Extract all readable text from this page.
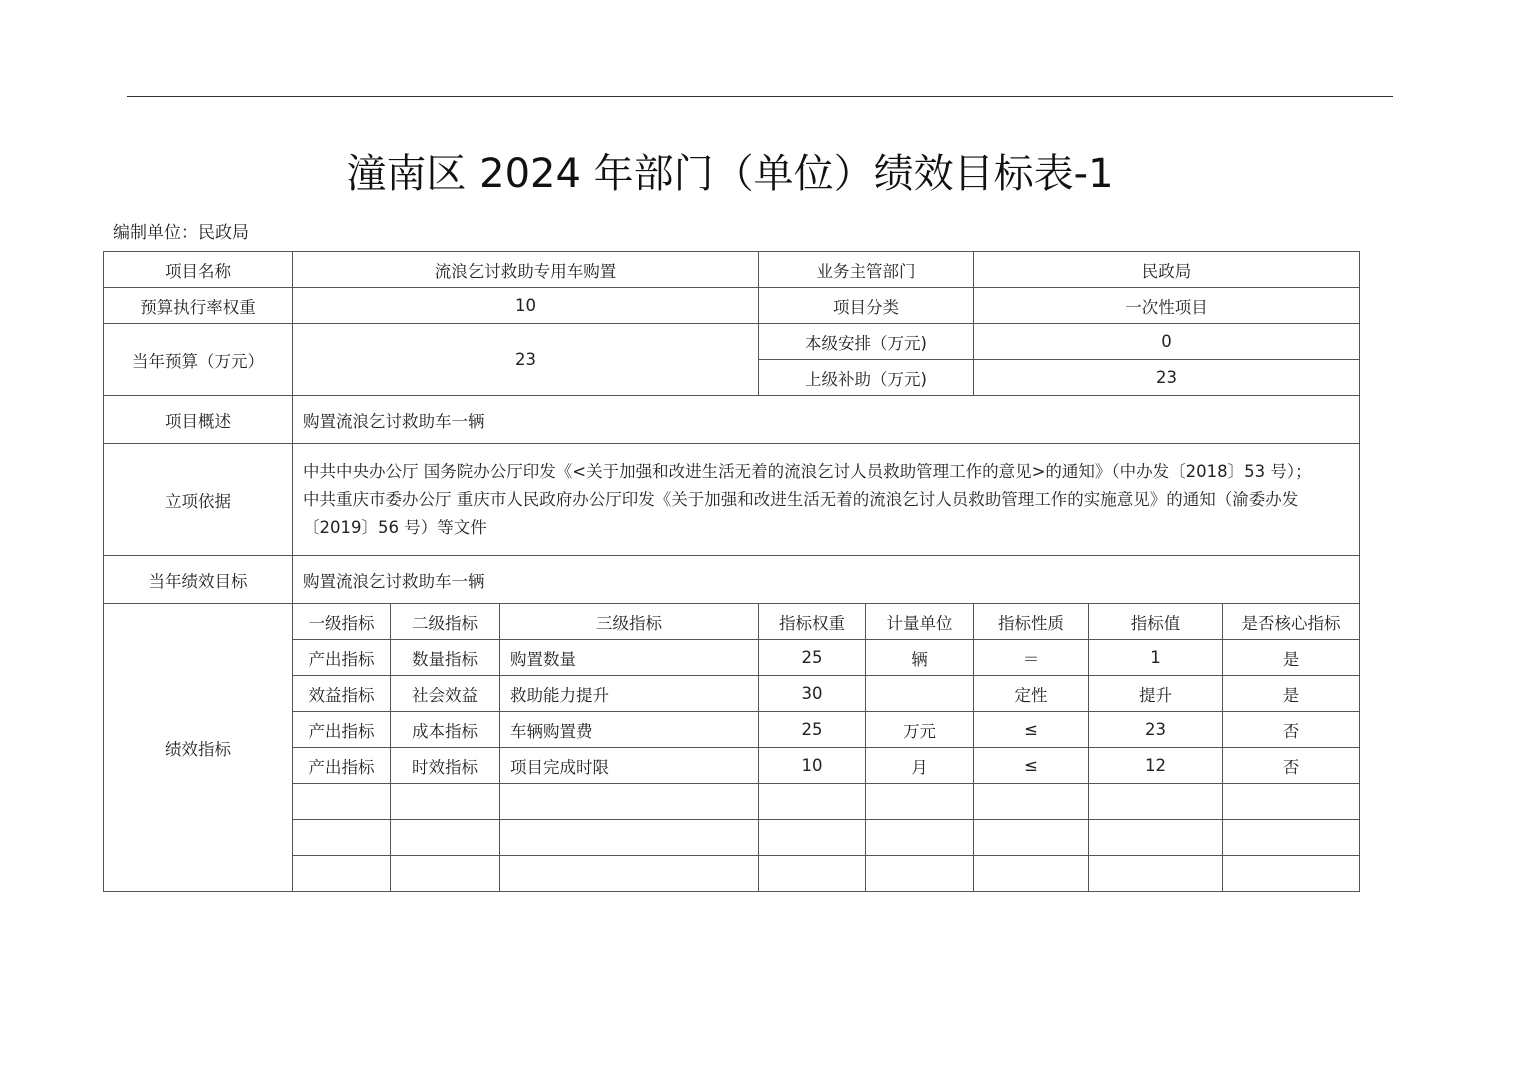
潼南区 2024 年部门（单位）绩效目标表-1
编制单位：民政局
项目名称	流浪乞讨救助专用车购置			业务主管部门		民政局		
预算执行率权重	10			项目分类		一次性项目		
当年预算（万元）	23			本级安排（万元)		0		
				上级补助（万元)		23		
项目概述	购置流浪乞讨救助车一辆							
立项依据	中共中央办公厅 国务院办公厅印发《<关于加强和改进生活无着的流浪乞讨人员救助管理工作的意见>的通知》（中办发〔2018〕53 号）；
中共重庆市委办公厅 重庆市人民政府办公厅印发《关于加强和改进生活无着的流浪乞讨人员救助管理工作的实施意见》的通知（渝委办发〔2019〕56 号）等文件							

当年绩效目标	购置流浪乞讨救助车一辆							
绩效指标	一级指标	二级指标	三级指标	指标权重	计量单位	指标性质	指标值	是否核心指标
	产出指标	数量指标	购置数量	25	辆	＝	1	是
	效益指标	社会效益	救助能力提升	30		定性	提升	是
	产出指标	成本指标	车辆购置费	25	万元	≤	23	否
	产出指标	时效指标	项目完成时限	10	月	≤	12	否
